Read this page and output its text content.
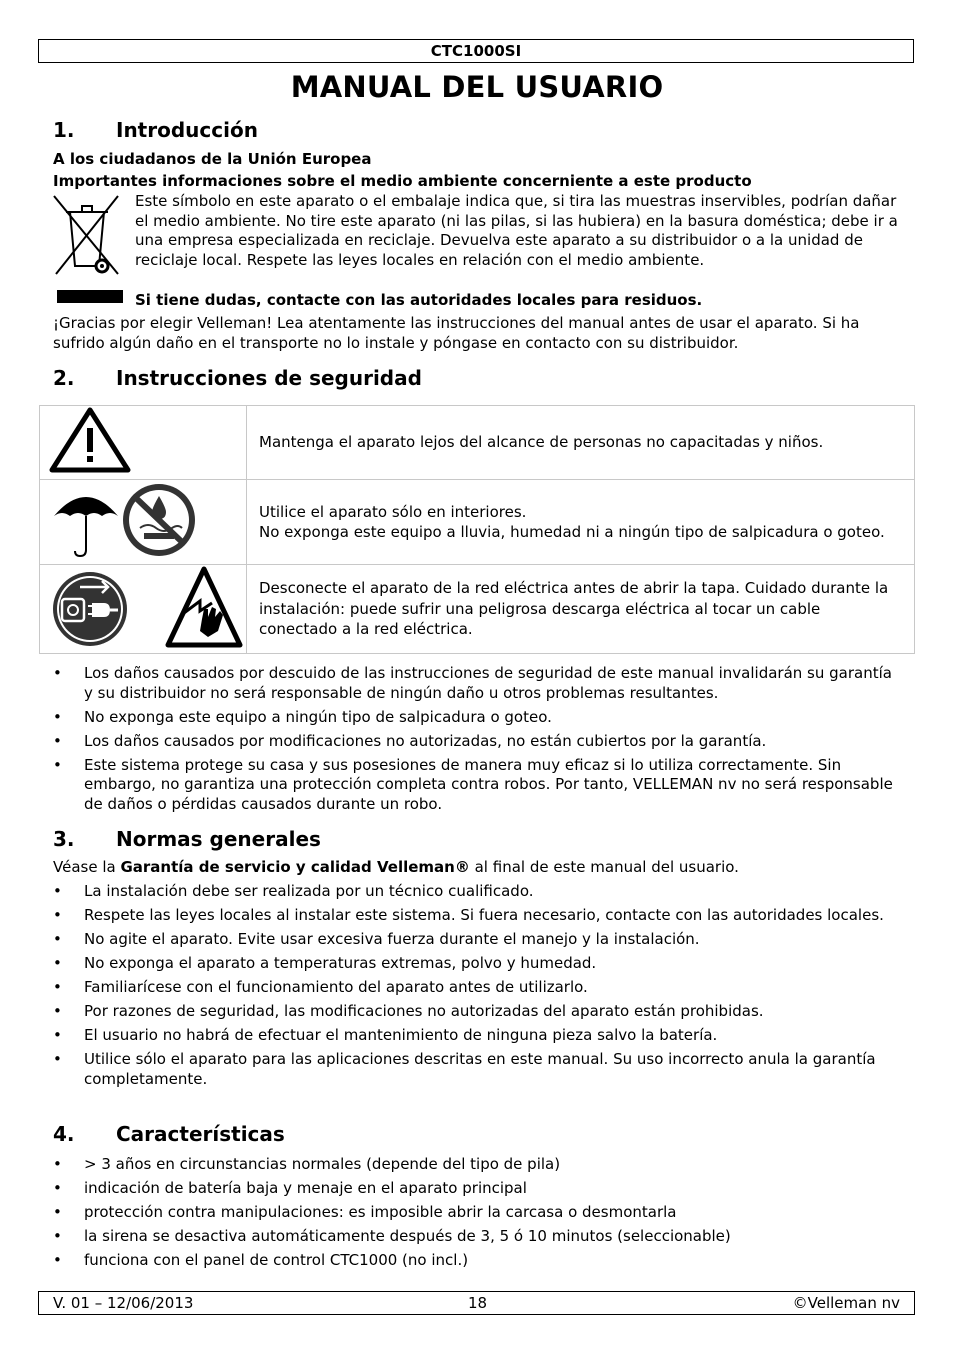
CTC1000SI
MANUAL DEL USUARIO
1. Introducción
A los ciudadanos de la Unión Europea
Importantes informaciones sobre el medio ambiente concerniente a este producto
Este símbolo en este aparato o el embalaje indica que, si tira las muestras inservibles, podrían dañar el medio ambiente. No tire este aparato (ni las pilas, si las hubiera) en la basura doméstica; debe ir a una empresa especializada en reciclaje. Devuelva este aparato a su distribuidor o a la unidad de reciclaje local. Respete las leyes locales en relación con el medio ambiente.
Si tiene dudas, contacte con las autoridades locales para residuos.
¡Gracias por elegir Velleman! Lea atentamente las instrucciones del manual antes de usar el aparato. Si ha sufrido algún daño en el transporte no lo instale y póngase en contacto con su distribuidor.
2. Instrucciones de seguridad

Mantenga el aparato lejos del alcance de personas no capacitadas y niños.

Utilice el aparato sólo en interiores.
No exponga este equipo a lluvia, humedad ni a ningún tipo de salpicadura o goteo.

Desconecte el aparato de la red eléctrica antes de abrir la tapa. Cuidado durante la instalación: puede sufrir una peligrosa descarga eléctrica al tocar un cable conectado a la red eléctrica.
• Los daños causados por descuido de las instrucciones de seguridad de este manual invalidarán su garantía y su distribuidor no será responsable de ningún daño u otros problemas resultantes.
• No exponga este equipo a ningún tipo de salpicadura o goteo.
• Los daños causados por modificaciones no autorizadas, no están cubiertos por la garantía.
• Este sistema protege su casa y sus posesiones de manera muy eficaz si lo utiliza correctamente. Sin embargo, no garantiza una protección completa contra robos. Por tanto, VELLEMAN nv no será responsable de daños o pérdidas causados durante un robo.
3. Normas generales
Véase la Garantía de servicio y calidad Velleman® al final de este manual del usuario.
• La instalación debe ser realizada por un técnico cualificado.
• Respete las leyes locales al instalar este sistema. Si fuera necesario, contacte con las autoridades locales.
• No agite el aparato. Evite usar excesiva fuerza durante el manejo y la instalación.
• No exponga el aparato a temperaturas extremas, polvo y humedad.
• Familiarícese con el funcionamiento del aparato antes de utilizarlo.
• Por razones de seguridad, las modificaciones no autorizadas del aparato están prohibidas.
• El usuario no habrá de efectuar el mantenimiento de ninguna pieza salvo la batería.
• Utilice sólo el aparato para las aplicaciones descritas en este manual. Su uso incorrecto anula la garantía completamente.
4. Características
• > 3 años en circunstancias normales (depende del tipo de pila)
• indicación de batería baja y menaje en el aparato principal
• protección contra manipulaciones: es imposible abrir la carcasa o desmontarla
• la sirena se desactiva automáticamente después de 3, 5 ó 10 minutos (seleccionable)
• funciona con el panel de control CTC1000 (no incl.)
18
V. 01 – 12/06/2013	©Velleman nv
